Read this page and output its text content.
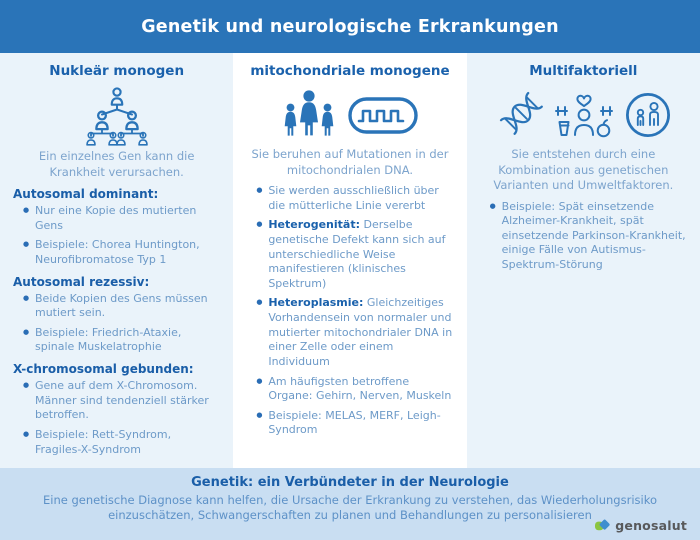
Genetik und neurologische Erkrankungen
Nukleär monogen
Ein einzelnes Gen kann die Krankheit verursachen.
Autosomal dominant:
● Nur eine Kopie des mutierten Gens
● Beispiele: Chorea Huntington, Neurofibromatose Typ 1
Autosomal rezessiv:
● Beide Kopien des Gens müssen mutiert sein.
● Beispiele: Friedrich-Ataxie, spinale Muskelatrophie
X-chromosomal gebunden:
● Gene auf dem X-Chromosom. Männer sind tendenziell stärker betroffen.
● Beispiele: Rett-Syndrom, Fragiles-X-Syndrom
mitochondriale monogene
Sie beruhen auf Mutationen in der mitochondrialen DNA.
● Sie werden ausschließlich über die mütterliche Linie vererbt
● Heterogenität: Derselbe genetische Defekt kann sich auf unterschiedliche Weise manifestieren (klinisches Spektrum)
● Heteroplasmie: Gleichzeitiges Vorhandensein von normaler und mutierter mitochondrialer DNA in einer Zelle oder einem Individuum
● Am häufigsten betroffene Organe: Gehirn, Nerven, Muskeln
● Beispiele: MELAS, MERF, Leigh-Syndrom
Multifaktoriell
Sie entstehen durch eine Kombination aus genetischen Varianten und Umweltfaktoren.
● Beispiele: Spät einsetzende Alzheimer-Krankheit, spät einsetzende Parkinson-Krankheit, einige Fälle von Autismus-Spektrum-Störung
Genetik: ein Verbündeter in der Neurologie
Eine genetische Diagnose kann helfen, die Ursache der Erkrankung zu verstehen, das Wiederholungsrisiko einzuschätzen, Schwangerschaften zu planen und Behandlungen zu personalisieren
genosalut
